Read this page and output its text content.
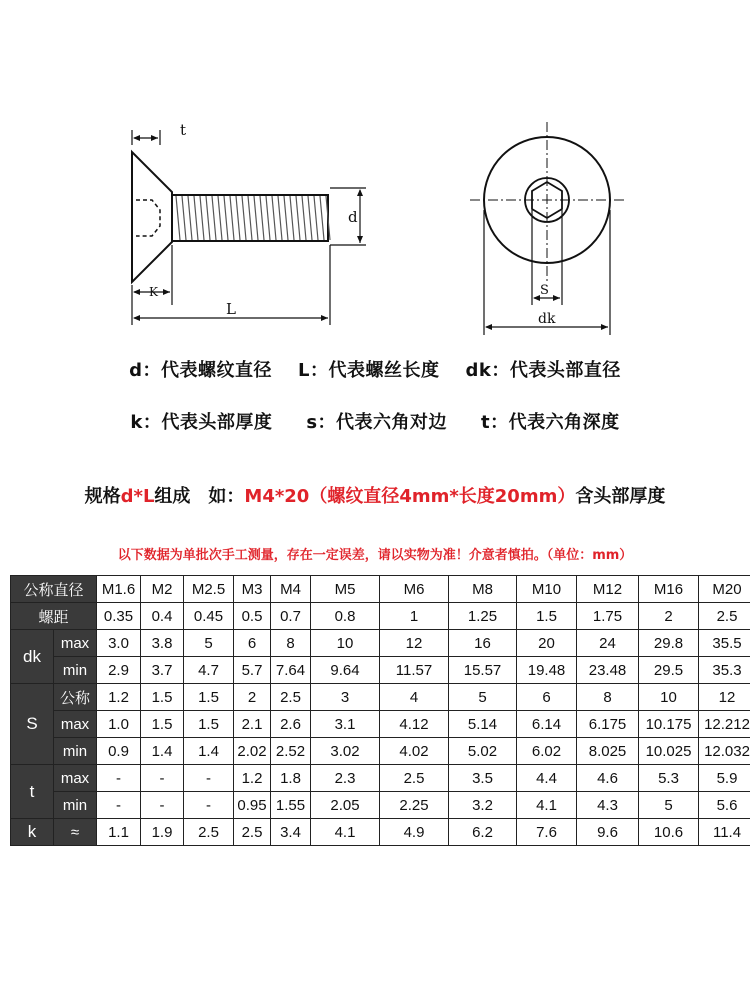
t
d
K
L
S
dk
d：代表螺纹直径 L：代表螺丝长度 dk：代表头部直径
k：代表头部厚度 s：代表六角对边 t：代表六角深度
规格d*L组成　如：M4*20（螺纹直径4mm*长度20mm）含头部厚度
以下数据为单批次手工测量，存在一定误差，请以实物为准！介意者慎拍。（单位：mm）
公称直径		M1.6	M2	M2.5	M3	M4	M5	M6	M8	M10	M12	M16	M20
螺距		0.35	0.4	0.45	0.5	0.7	0.8	1	1.25	1.5	1.75	2	2.5
dk	max	3.0	3.8	5	6	8	10	12	16	20	24	29.8	35.5
	min	2.9	3.7	4.7	5.7	7.64	9.64	11.57	15.57	19.48	23.48	29.5	35.3
S	公称	1.2	1.5	1.5	2	2.5	3	4	5	6	8	10	12
	max	1.0	1.5	1.5	2.1	2.6	3.1	4.12	5.14	6.14	6.175	10.175	12.212
	min	0.9	1.4	1.4	2.02	2.52	3.02	4.02	5.02	6.02	8.025	10.025	12.032
t	max	-	-	-	1.2	1.8	2.3	2.5	3.5	4.4	4.6	5.3	5.9
	min	-	-	-	0.95	1.55	2.05	2.25	3.2	4.1	4.3	5	5.6
k	≈	1.1	1.9	2.5	2.5	3.4	4.1	4.9	6.2	7.6	9.6	10.6	11.4
